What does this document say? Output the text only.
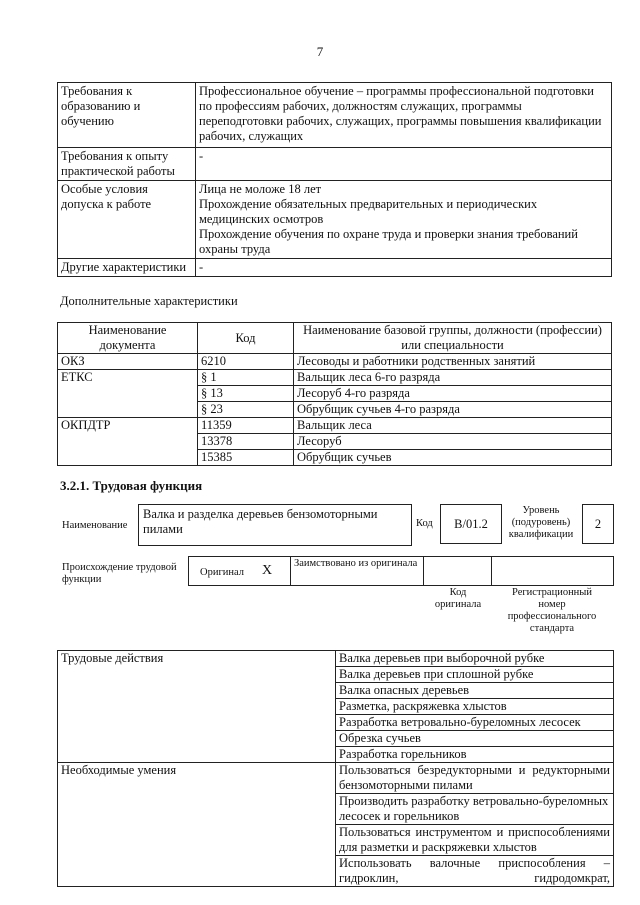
7
Требования к образованию и обучению	Профессиональное обучение – программы профессиональной подготовки по профессиям рабочих, должностям служащих, программы переподготовки рабочих, служащих, программы повышения квалификации рабочих, служащих
Требования к опыту практической работы	-
Особые условия допуска к работе	Лица не моложе 18 лет
Прохождение обязательных предварительных и периодических медицинских осмотров
Прохождение обучения по охране труда и проверки знания требований охраны труда

Другие характеристики	-
Дополнительные характеристики
Наименование документа	Код	Наименование базовой группы, должности (профессии) или специальности
ОКЗ	6210	Лесоводы и работники родственных занятий
ЕТКС	§ 1	Вальщик леса 6-го разряда
	§ 13	Лесоруб 4-го разряда
	§ 23	Обрубщик сучьев 4-го разряда
ОКПДТР	11359	Вальщик леса
	13378	Лесоруб
	15385	Обрубщик сучьев
3.2.1. Трудовая функция
Наименование
Валка и разделка деревьев бензомоторными пилами	Код	B/01.2
Уровень (подуровень) квалификации
2
Происхождение трудовой функции
Оригинал X Заимствовано из оригинала
Код оригинала
Регистрационный номер профессионального стандарта
Трудовые действия	Валка деревьев при выборочной рубке
	Валка деревьев при сплошной рубке
	Валка опасных деревьев
	Разметка, раскряжевка хлыстов
	Разработка ветровально-буреломных лесосек
	Обрезка сучьев
	Разработка горельников
Необходимые умения	Пользоваться безредукторными и редукторными бензомоторными пилами
	Производить разработку ветровально-буреломных лесосек и горельников
	Пользоваться инструментом и приспособлениями для разметки и раскряжевки хлыстов
	Использовать валочные приспособления – гидроклин, гидродомкрат,
